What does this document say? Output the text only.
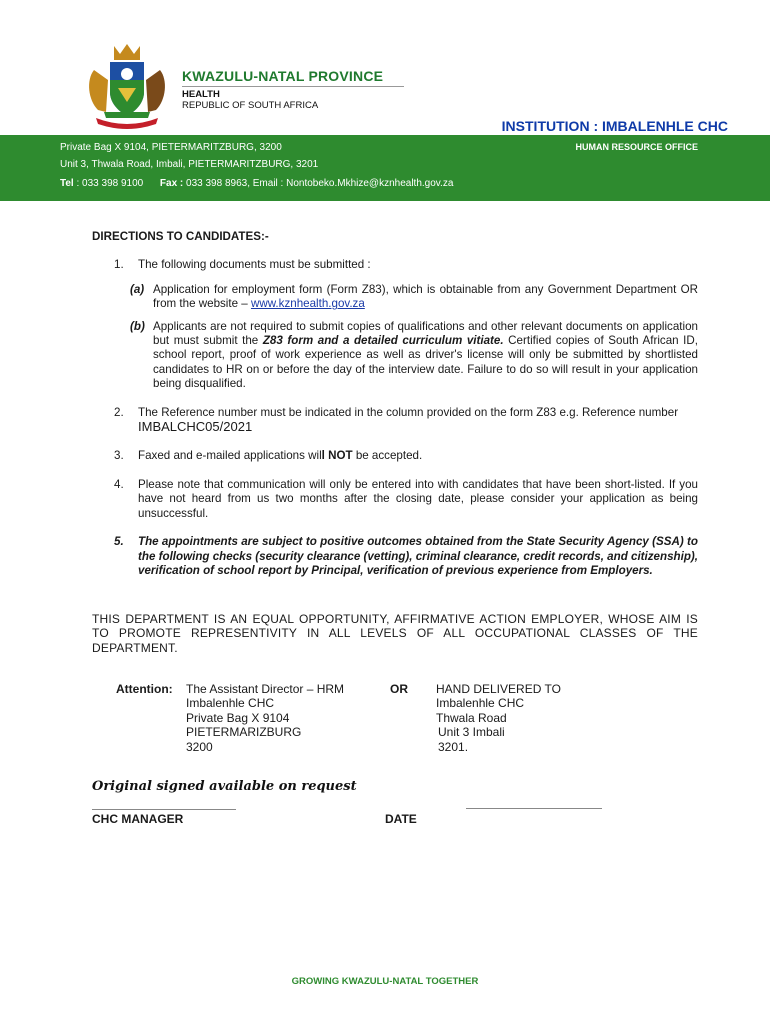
KWAZULU-NATAL PROVINCE
HEALTH
REPUBLIC OF SOUTH AFRICA
INSTITUTION : IMBALENHLE CHC
Private Bag X 9104, PIETERMARITZBURG, 3200	HUMAN RESOURCE OFFICE
Unit 3, Thwala Road, Imbali, PIETERMARITZBURG, 3201
Tel : 033 398 9100 Fax : 033 398 8963, Email : Nontobeko.Mkhize@kznhealth.gov.za
DIRECTIONS TO CANDIDATES:-
1. The following documents must be submitted :
(a) Application for employment form (Form Z83), which is obtainable from any Government Department OR from the website – www.kznhealth.gov.za
(b) Applicants are not required to submit copies of qualifications and other relevant documents on application but must submit the Z83 form and a detailed curriculum vitiate. Certified copies of South African ID, school report, proof of work experience as well as driver's license will only be submitted by shortlisted candidates to HR on or before the day of the interview date. Failure to do so will result in your application being disqualified.
2. The Reference number must be indicated in the column provided on the form Z83 e.g. Reference number IMBALCHC05/2021
3. Faxed and e-mailed applications will NOT be accepted.
4. Please note that communication will only be entered into with candidates that have been short-listed. If you have not heard from us two months after the closing date, please consider your application as being unsuccessful.
5. The appointments are subject to positive outcomes obtained from the State Security Agency (SSA) to the following checks (security clearance (vetting), criminal clearance, credit records, and citizenship), verification of school report by Principal, verification of previous experience from Employers.
THIS DEPARTMENT IS AN EQUAL OPPORTUNITY, AFFIRMATIVE ACTION EMPLOYER, WHOSE AIM IS TO PROMOTE REPRESENTIVITY IN ALL LEVELS OF ALL OCCUPATIONAL CLASSES OF THE DEPARTMENT.
Attention: The Assistant Director – HRM
Imbalenhle CHC
Private Bag X 9104
PIETERMARIZBURG
3200
OR HAND DELIVERED TO
Imbalenhle CHC
Thwala Road
Unit 3 Imbali
3201.
Original signed available on request
CHC MANAGER	DATE
GROWING KWAZULU-NATAL TOGETHER
